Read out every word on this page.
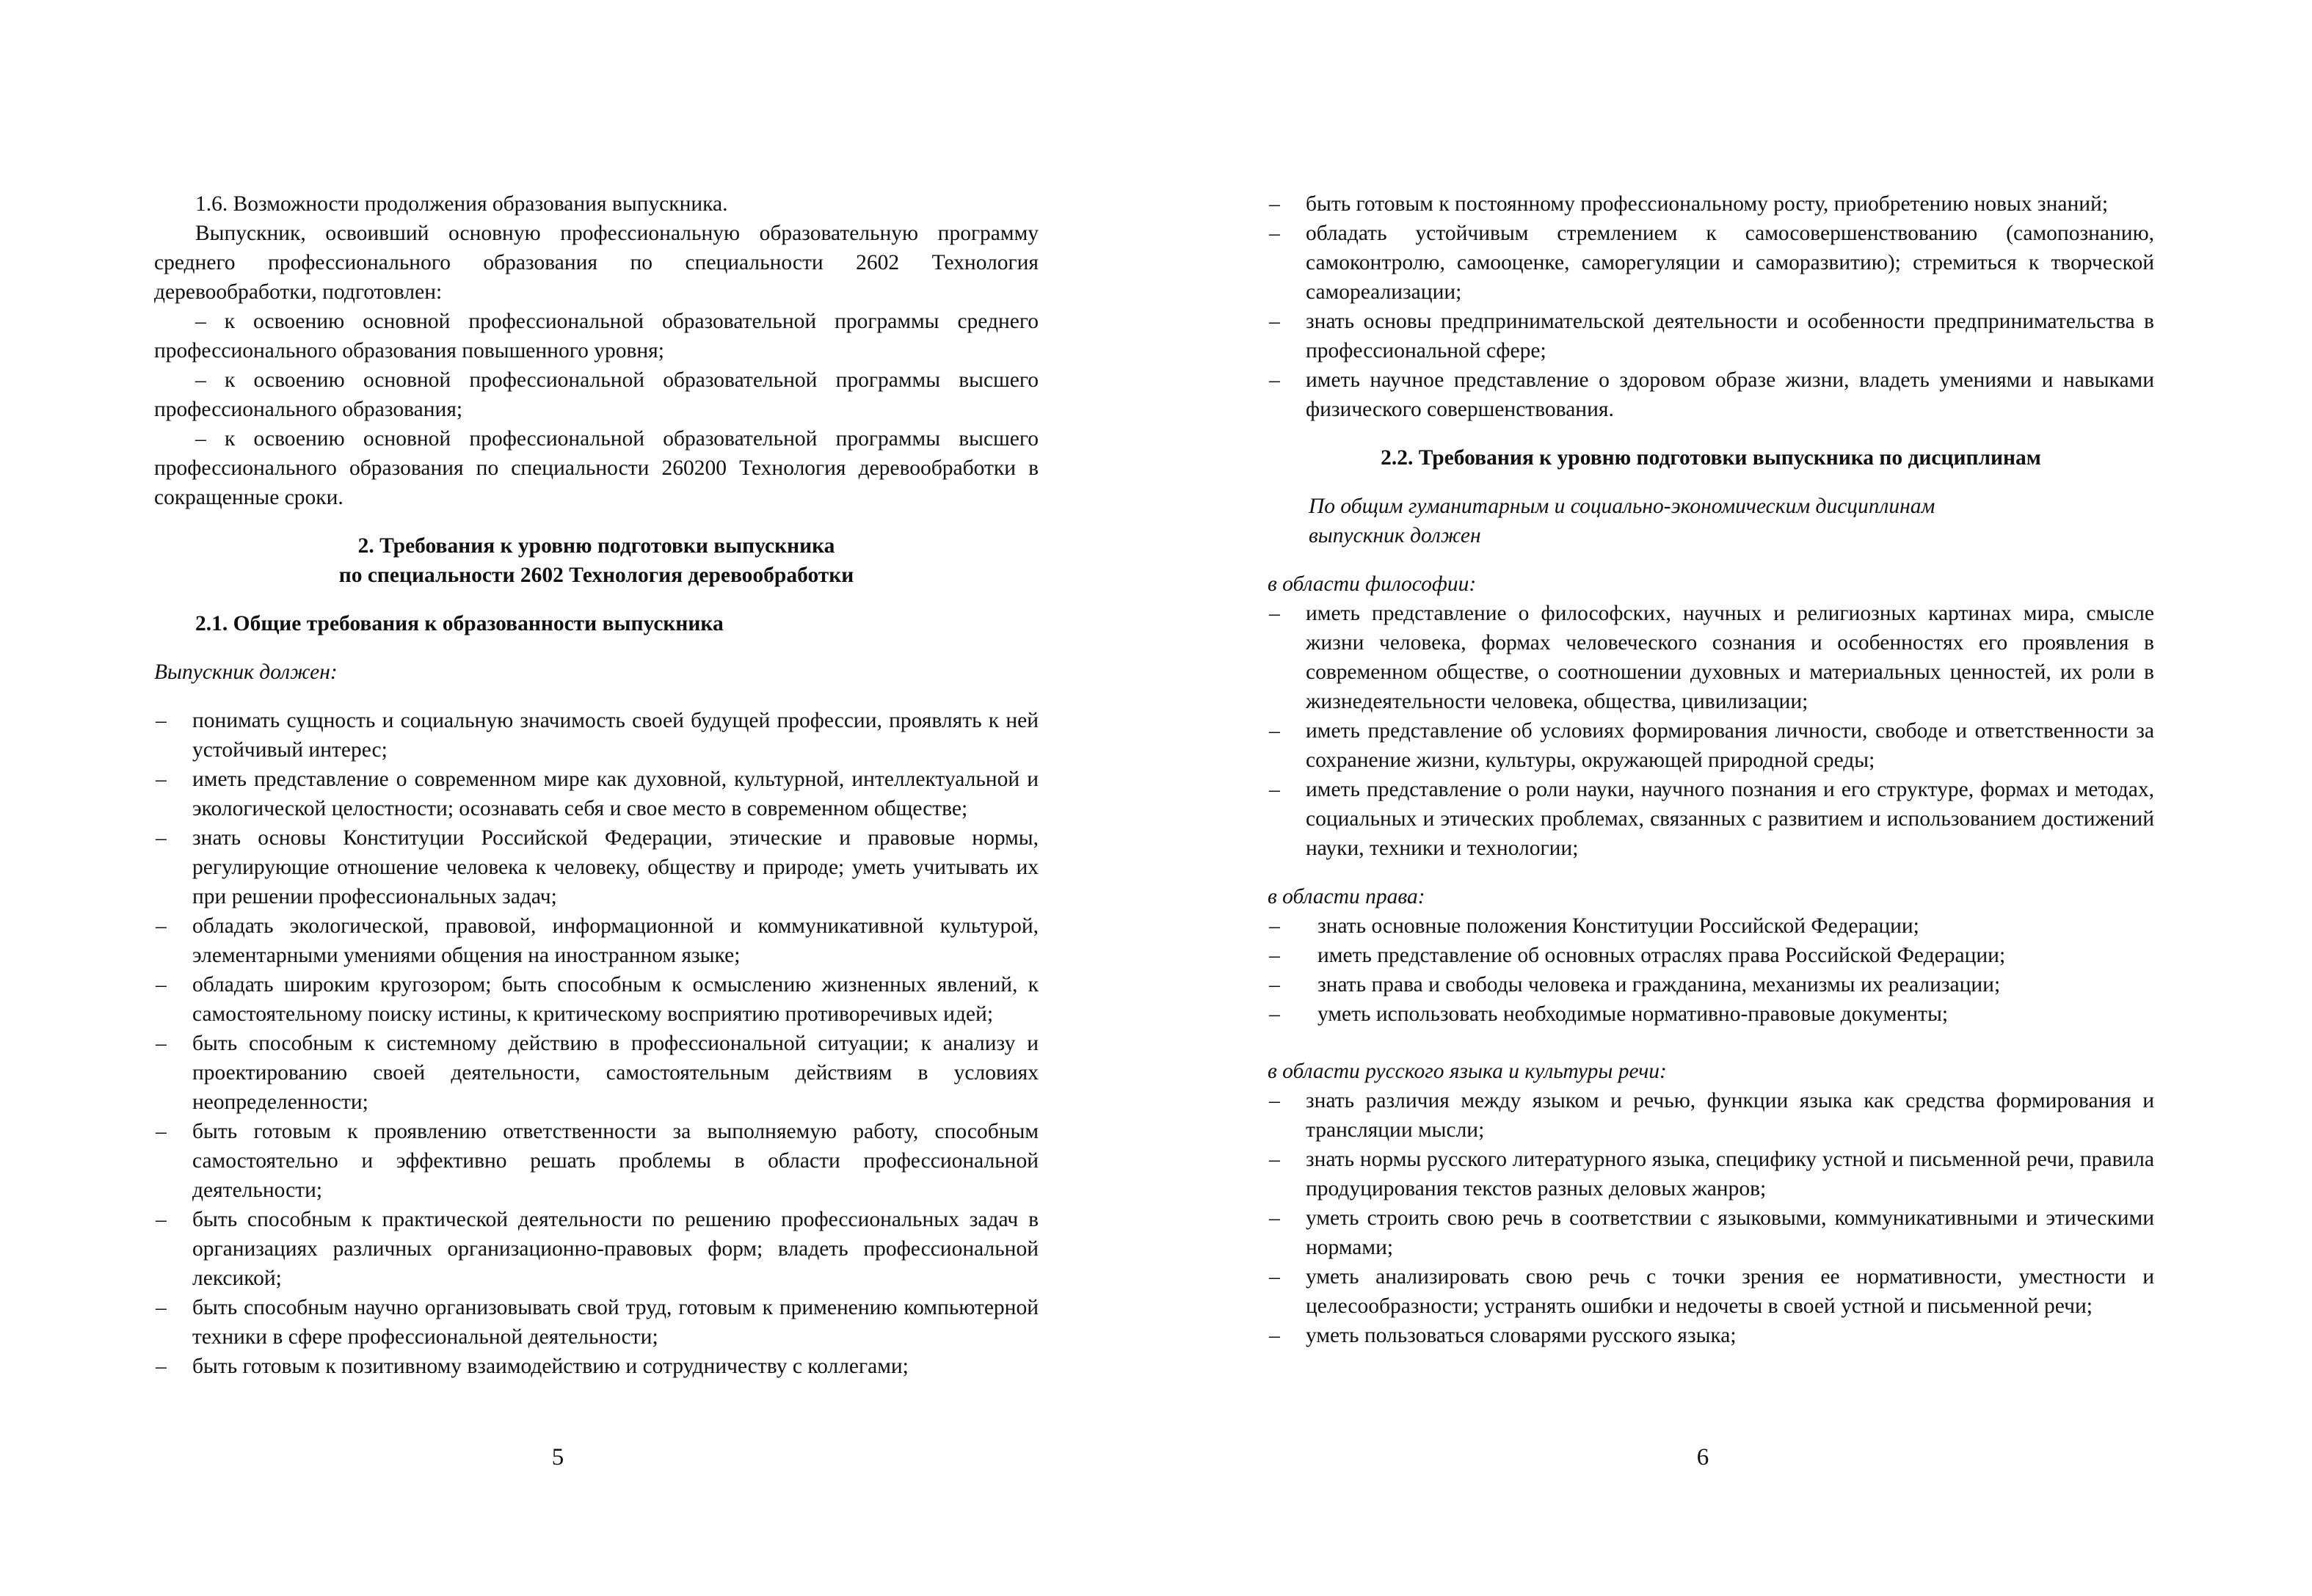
1.6. Возможности продолжения образования выпускника.

Выпускник, освоивший основную профессиональную образовательную программу среднего профессионального образования по специальности 2602 Технология деревообработки, подготовлен:

– к освоению основной профессиональной образовательной программы среднего профессионального образования повышенного уровня;

– к освоению основной профессиональной образовательной программы высшего профессионального образования;

– к освоению основной профессиональной образовательной программы высшего профессионального образования по специальности 260200 Технология деревообработки в сокращенные сроки.

2. Требования к уровню подготовки выпускника

по специальности 2602 Технология деревообработки

2.1. Общие требования к образованности выпускника

Выпускник должен:

– понимать сущность и социальную значимость своей будущей профессии, проявлять к ней устойчивый интерес;
– иметь представление о современном мире как духовной, культурной, интеллектуальной и экологической целостности; осознавать себя и свое место в современном обществе;
– знать основы Конституции Российской Федерации, этические и правовые нормы, регулирующие отношение человека к человеку, обществу и природе; уметь учитывать их при решении профессиональных задач;
– обладать экологической, правовой, информационной и коммуникативной культурой, элементарными умениями общения на иностранном языке;
– обладать широким кругозором; быть способным к осмыслению жизненных явлений, к самостоятельному поиску истины, к критическому восприятию противоречивых идей;
– быть способным к системному действию в профессиональной ситуации; к анализу и проектированию своей деятельности, самостоятельным действиям в условиях неопределенности;
– быть готовым к проявлению ответственности за выполняемую работу, способным самостоятельно и эффективно решать проблемы в области профессиональной деятельности;
– быть способным к практической деятельности по решению профессиональных задач в организациях различных организационно-правовых форм; владеть профессиональной лексикой;
– быть способным научно организовывать свой труд, готовым к применению компьютерной техники в сфере профессиональной деятельности;
– быть готовым к позитивному взаимодействию и сотрудничеству с коллегами;
5
– быть готовым к постоянному профессиональному росту, приобретению новых знаний;
– обладать устойчивым стремлением к самосовершенствованию (самопознанию, самоконтролю, самооценке, саморегуляции и саморазвитию); стремиться к творческой самореализации;
– знать основы предпринимательской деятельности и особенности предпринимательства в профессиональной сфере;
– иметь научное представление о здоровом образе жизни, владеть умениями и навыками физического совершенствования.

2.2. Требования к уровню подготовки выпускника по дисциплинам

По общим гуманитарным и социально-экономическим дисциплинам

выпускник должен

в области философии:

– иметь представление о философских, научных и религиозных картинах мира, смысле жизни человека, формах человеческого сознания и особенностях его проявления в современном обществе, о соотношении духовных и материальных ценностей, их роли в жизнедеятельности человека, общества, цивилизации;
– иметь представление об условиях формирования личности, свободе и ответственности за сохранение жизни, культуры, окружающей природной среды;
– иметь представление о роли науки, научного познания и его структуре, формах и методах, социальных и этических проблемах, связанных с развитием и использованием достижений науки, техники и технологии;

в области права:

– знать основные положения Конституции Российской Федерации;
– иметь представление об основных отраслях права Российской Федерации;
– знать права и свободы человека и гражданина, механизмы их реализации;
– уметь использовать необходимые нормативно-правовые документы;

в области русского языка и культуры речи:

– знать различия между языком и речью, функции языка как средства формирования и трансляции мысли;
– знать нормы русского литературного языка, специфику устной и письменной речи, правила продуцирования текстов разных деловых жанров;
– уметь строить свою речь в соответствии с языковыми, коммуникативными и этическими нормами;
– уметь анализировать свою речь с точки зрения ее нормативности, уместности и целесообразности; устранять ошибки и недочеты в своей устной и письменной речи;
– уметь пользоваться словарями русского языка;
6
